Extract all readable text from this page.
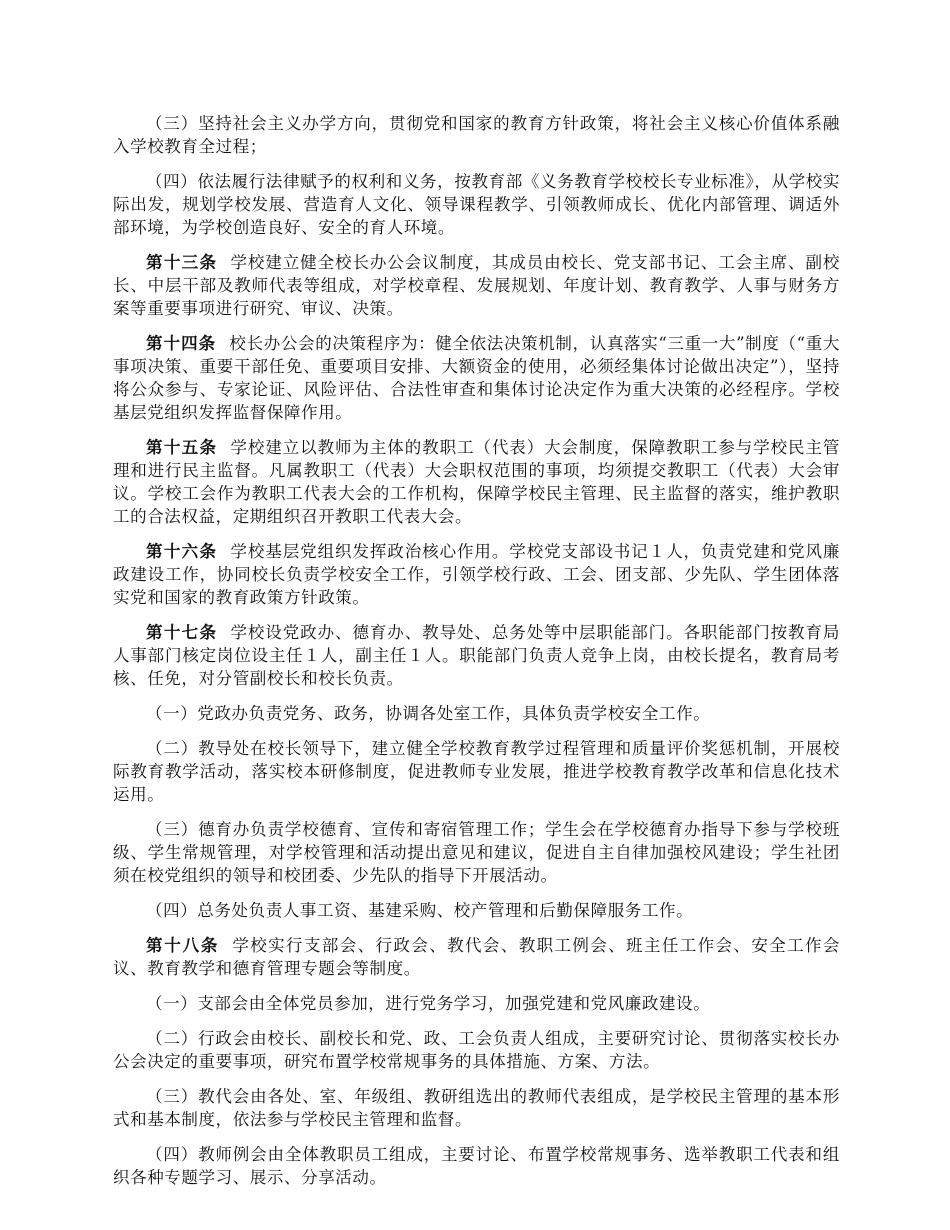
（三）坚持社会主义办学方向，贯彻党和国家的教育方针政策，将社会主义核心价值体系融入学校教育全过程；

（四）依法履行法律赋予的权利和义务，按教育部《义务教育学校校长专业标准》，从学校实际出发，规划学校发展、营造育人文化、领导课程教学、引领教师成长、优化内部管理、调适外部环境，为学校创造良好、安全的育人环境。

第十三条 学校建立健全校长办公会议制度，其成员由校长、党支部书记、工会主席、副校长、中层干部及教师代表等组成，对学校章程、发展规划、年度计划、教育教学、人事与财务方案等重要事项进行研究、审议、决策。

第十四条 校长办公会的决策程序为：健全依法决策机制，认真落实“三重一大”制度（“重大事项决策、重要干部任免、重要项目安排、大额资金的使用，必须经集体讨论做出决定”），坚持将公众参与、专家论证、风险评估、合法性审查和集体讨论决定作为重大决策的必经程序。学校基层党组织发挥监督保障作用。

第十五条 学校建立以教师为主体的教职工（代表）大会制度，保障教职工参与学校民主管理和进行民主监督。凡属教职工（代表）大会职权范围的事项，均须提交教职工（代表）大会审议。学校工会作为教职工代表大会的工作机构，保障学校民主管理、民主监督的落实，维护教职工的合法权益，定期组织召开教职工代表大会。

第十六条 学校基层党组织发挥政治核心作用。学校党支部设书记１人，负责党建和党风廉政建设工作，协同校长负责学校安全工作，引领学校行政、工会、团支部、少先队、学生团体落实党和国家的教育政策方针政策。

第十七条 学校设党政办、德育办、教导处、总务处等中层职能部门。各职能部门按教育局人事部门核定岗位设主任１人，副主任１人。职能部门负责人竞争上岗，由校长提名，教育局考核、任免，对分管副校长和校长负责。

（一）党政办负责党务、政务，协调各处室工作，具体负责学校安全工作。

（二）教导处在校长领导下，建立健全学校教育教学过程管理和质量评价奖惩机制，开展校际教育教学活动，落实校本研修制度，促进教师专业发展，推进学校教育教学改革和信息化技术运用。

（三）德育办负责学校德育、宣传和寄宿管理工作；学生会在学校德育办指导下参与学校班级、学生常规管理，对学校管理和活动提出意见和建议，促进自主自律加强校风建设；学生社团须在校党组织的领导和校团委、少先队的指导下开展活动。

（四）总务处负责人事工资、基建采购、校产管理和后勤保障服务工作。

第十八条 学校实行支部会、行政会、教代会、教职工例会、班主任工作会、安全工作会议、教育教学和德育管理专题会等制度。

（一）支部会由全体党员参加，进行党务学习，加强党建和党风廉政建设。

（二）行政会由校长、副校长和党、政、工会负责人组成，主要研究讨论、贯彻落实校长办公会决定的重要事项，研究布置学校常规事务的具体措施、方案、方法。

（三）教代会由各处、室、年级组、教研组选出的教师代表组成，是学校民主管理的基本形式和基本制度，依法参与学校民主管理和监督。

（四）教师例会由全体教职员工组成，主要讨论、布置学校常规事务、选举教职工代表和组织各种专题学习、展示、分享活动。
